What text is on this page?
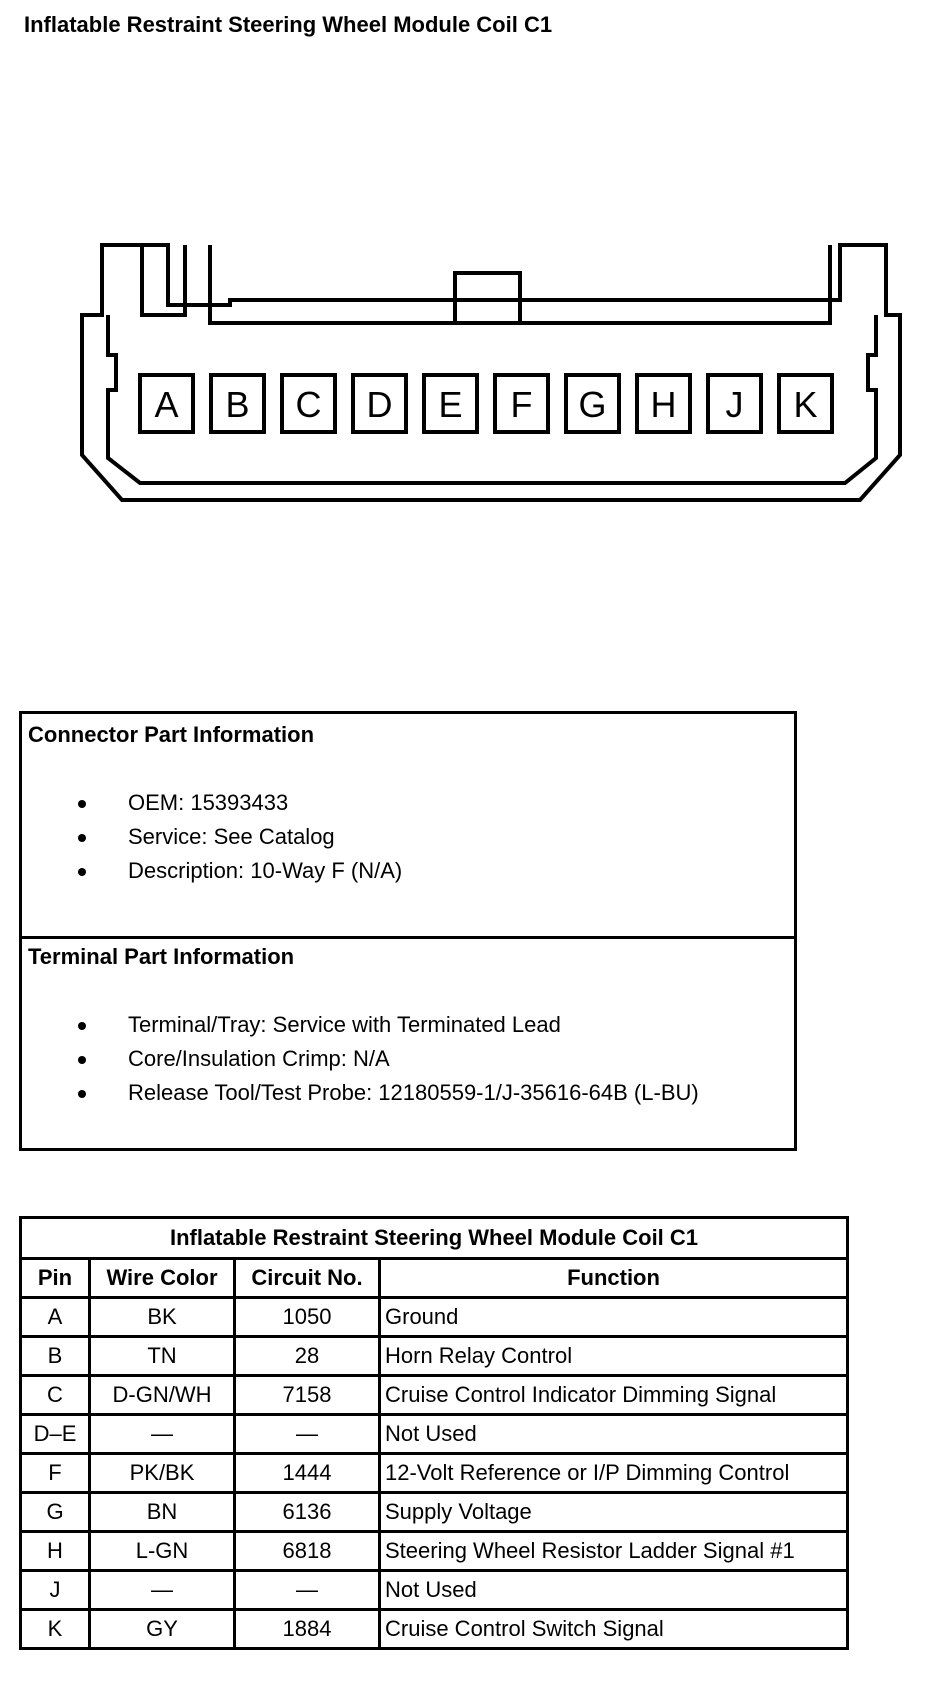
Inflatable Restraint Steering Wheel Module Coil C1
A B C D E F G H J K
Connector Part Information
OEM: 15393433
Service: See Catalog
Description: 10-Way F (N/A)
Terminal Part Information
Terminal/Tray: Service with Terminated Lead
Core/Insulation Crimp: N/A
Release Tool/Test Probe: 12180559-1/J-35616-64B (L-BU)
Inflatable Restraint Steering Wheel Module Coil C1			
Pin	Wire Color	Circuit No.	Function
A	BK	1050	Ground
B	TN	28	Horn Relay Control
C	D-GN/WH	7158	Cruise Control Indicator Dimming Signal
D–E	—	—	Not Used
F	PK/BK	1444	12-Volt Reference or I/P Dimming Control
G	BN	6136	Supply Voltage
H	L-GN	6818	Steering Wheel Resistor Ladder Signal #1
J	—	—	Not Used
K	GY	1884	Cruise Control Switch Signal
